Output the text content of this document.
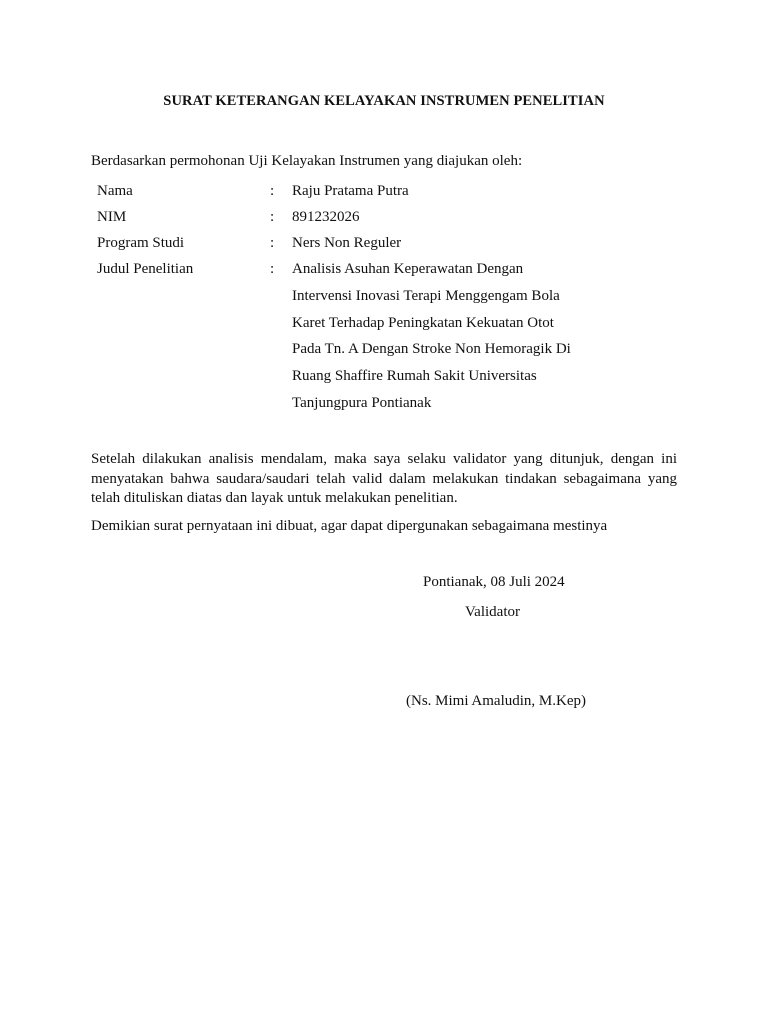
SURAT KETERANGAN KELAYAKAN INSTRUMEN PENELITIAN
Berdasarkan permohonan Uji Kelayakan Instrumen yang diajukan oleh:
Nama	: Raju Pratama Putra
NIM	: 891232026
Program Studi	: Ners Non Reguler
Judul Penelitian	: Analisis Asuhan Keperawatan Dengan
Intervensi Inovasi Terapi Menggengam Bola
Karet Terhadap Peningkatan Kekuatan Otot
Pada Tn. A Dengan Stroke Non Hemoragik Di
Ruang Shaffire Rumah Sakit Universitas
Tanjungpura Pontianak
Setelah dilakukan analisis mendalam, maka saya selaku validator yang ditunjuk, dengan ini menyatakan bahwa saudara/saudari telah valid dalam melakukan tindakan sebagaimana yang telah dituliskan diatas dan layak untuk melakukan penelitian.
Demikian surat pernyataan ini dibuat, agar dapat dipergunakan sebagaimana mestinya
Pontianak, 08 Juli 2024
Validator
(Ns. Mimi Amaludin, M.Kep)
